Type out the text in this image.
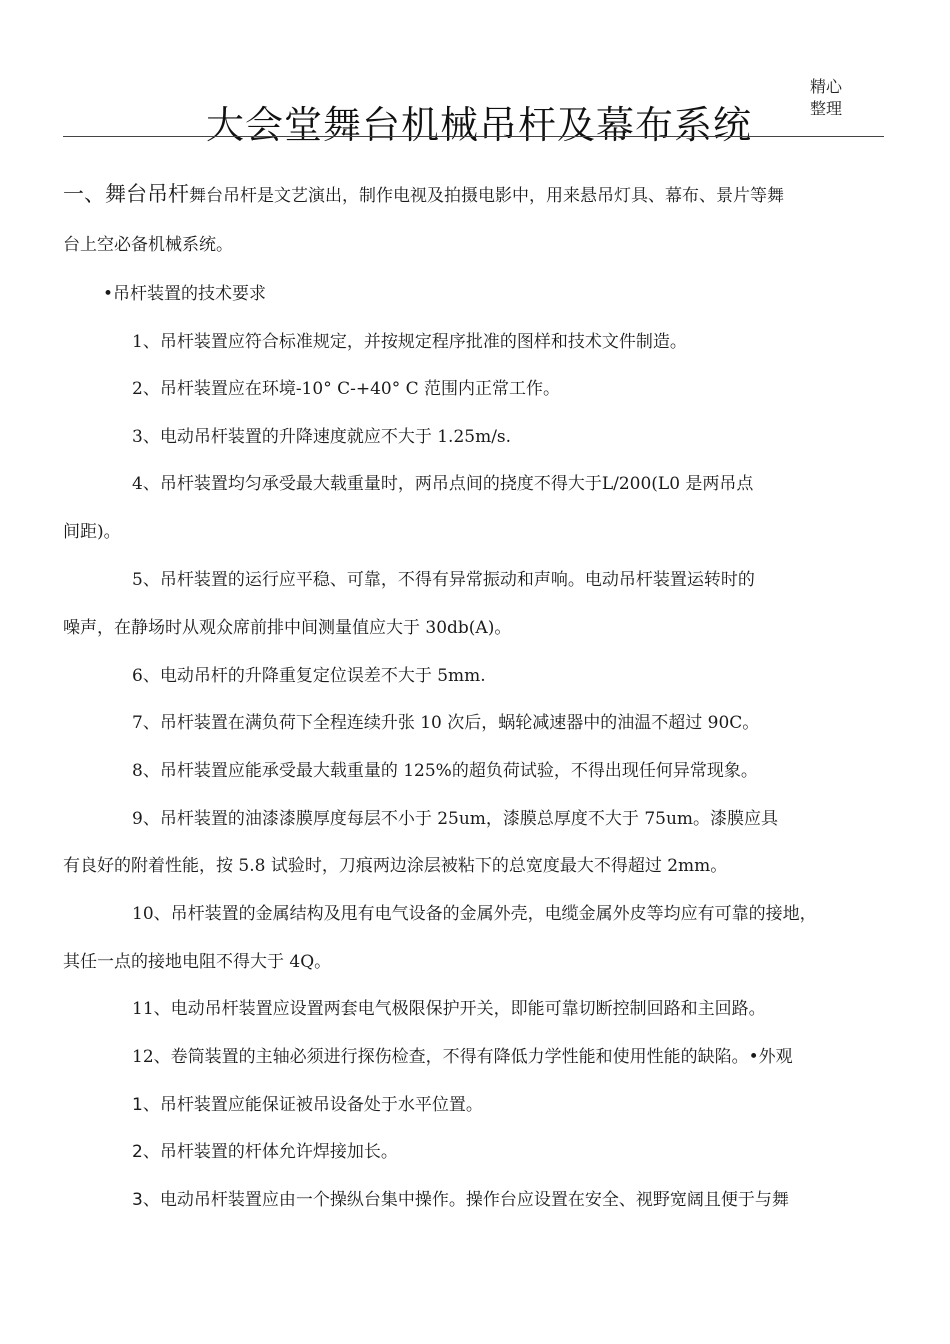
大会堂舞台机械吊杆及幕布系统
精心
整理
一、舞台吊杆舞台吊杆是文艺演出，制作电视及拍摄电影中，用来悬吊灯具、幕布、景片等舞
台上空必备机械系统。
•吊杆装置的技术要求
1、吊杆装置应符合标准规定，并按规定程序批准的图样和技术文件制造。
2、吊杆装置应在环境-10° C-+40° C 范围内正常工作。
3、电动吊杆装置的升降速度就应不大于 1.25m/s.
4、吊杆装置均匀承受最大载重量时，两吊点间的挠度不得大于L/200(L0 是两吊点
间距)。
5、吊杆装置的运行应平稳、可靠，不得有异常振动和声响。电动吊杆装置运转时的
噪声，在静场时从观众席前排中间测量值应大于 30db(A)。
6、电动吊杆的升降重复定位误差不大于 5mm.
7、吊杆装置在满负荷下全程连续升张 10 次后，蜗轮减速器中的油温不超过 90C。
8、吊杆装置应能承受最大载重量的 125%的超负荷试验，不得出现任何异常现象。
9、吊杆装置的油漆漆膜厚度每层不小于 25um，漆膜总厚度不大于 75um。漆膜应具
有良好的附着性能，按 5.8 试验时，刀痕两边涂层被粘下的总宽度最大不得超过 2mm。
10、吊杆装置的金属结构及甩有电气设备的金属外壳，电缆金属外皮等均应有可靠的接地，
其任一点的接地电阻不得大于 4Q。
11、电动吊杆装置应设置两套电气极限保护开关，即能可靠切断控制回路和主回路。
12、卷筒装置的主轴必须进行探伤检查，不得有降低力学性能和使用性能的缺陷。•外观
1、吊杆装置应能保证被吊设备处于水平位置。
2、吊杆装置的杆体允许焊接加长。
3、电动吊杆装置应由一个操纵台集中操作。操作台应设置在安全、视野宽阔且便于与舞
